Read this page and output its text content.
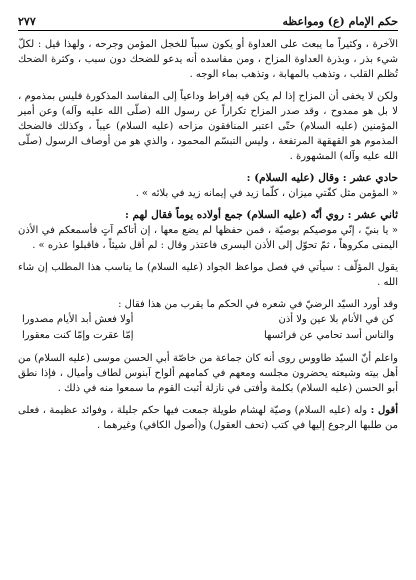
حكم الإمام (ع) ومواعظه
٢٧٧

الآخرة ، وكثيراً ما يبعث على العداوة أو يكون سبباً للخجل المؤمن وجرحه ، ولهذا قيل : لكلّ شيء بذر ، وبذرة العداوة المزاح ، ومن مفاسده أنه يدعو للضحك دون سبب ، وكثرة الضحك تُظلم القلب ، وتذهب بالمهابة ، وتذهب بماء الوجه .

ولكن لا يخفى أن المزاح إذا لم يكن فيه إفراط وداعياً إلى المفاسد المذكورة فليس بمذموم ، لا بل هو ممدوح ، وقد صدر المزاح تكراراً عن رسول الله (صلّى الله عليه وآله) وعن أمير المؤمنين (عليه السلام) حتّى اعتبر المنافقون مزاحه (عليه السلام) عيباً ، وكذلك فالضحك المذموم هو القهقهة المرتفعة ، وليس التبسّم المحمود ، والذي هو من أوصاف الرسول (صلّى الله عليه وآله) المشهورة .

حادي عشر : وقال (عليه السلام) :

« المؤمن مثل كفّتي ميزان ، كلّما زيد في إيمانه زيد في بلائه » .

ثاني عشر : روي أنّه (عليه السلام) جمع أولاده يوماً فقال لهم :

« يا بنيّ ، إنّي موصيكم بوصيّة ، فمن حفظها لم يضع معها ، إن أتاكم آتٍ فأسمعكم في الأذن اليمنى مكروهاً ، ثمّ تحوّل إلى الأذن اليسرى فاعتذر وقال : لم أقل شيئاً ، فاقبلوا عذره » .

يقول المؤلّف : سيأتي في فصل مواعظ الجواد (عليه السلام) ما يناسب هذا المطلب إن شاء الله .

وقد أورد السيّد الرضيّ في شعره في الحكم ما يقرب من هذا فقال :

كن في الأنام بلا عين ولا أذن
أولا فعش أبد الأيام مصدورا
والناس أسد تحامي عن فرائسها
إمّا عقرت وإمّا كنت معقورا

واعلم أنّ السيّد طاووس روى أنه كان جماعة من خاصّة أبي الحسن موسى (عليه السلام) من أهل بيته وشيعته يحضرون مجلسه ومعهم في كمامهم ألواح آبنوس لطاف وأميال ، فإذا نطق أبو الحسن (عليه السلام) بكلمة وأفتى في نازلة أثبت القوم ما سمعوا منه في ذلك .

أقول : وله (عليه السلام) وصيّة لهشام طويلة جمعت فيها حكم جليلة ، وفوائد عظيمة ، فعلى من طلبها الرجوع إليها في كتب (تحف العقول) و(أصول الكافي) وغيرهما .
